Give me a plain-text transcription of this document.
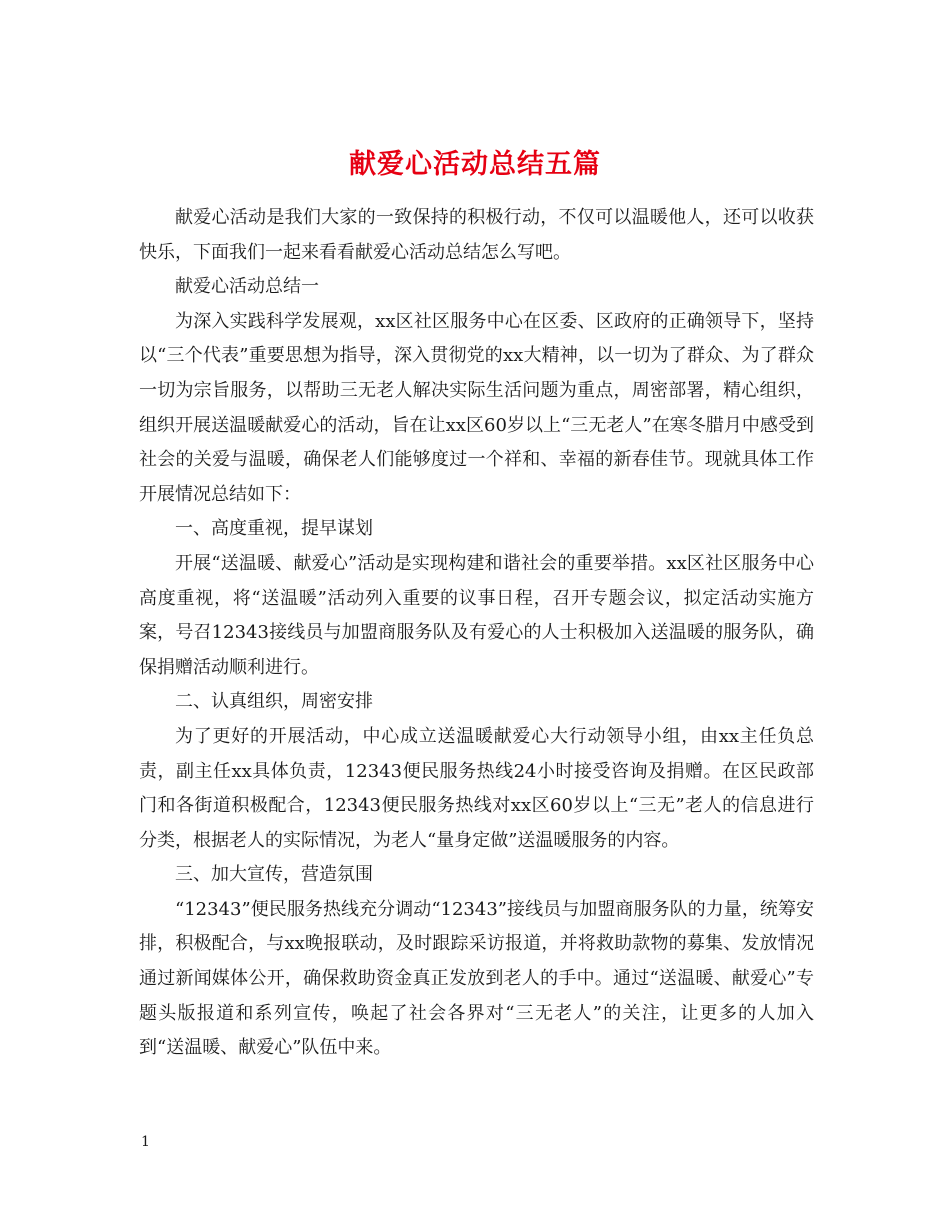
献爱心活动总结五篇

献爱心活动是我们大家的一致保持的积极行动，不仅可以温暖他人，还可以收获快乐，下面我们一起来看看献爱心活动总结怎么写吧。

献爱心活动总结一

为深入实践科学发展观，xx区社区服务中心在区委、区政府的正确领导下，坚持以“三个代表”重要思想为指导，深入贯彻党的xx大精神，以一切为了群众、为了群众一切为宗旨服务，以帮助三无老人解决实际生活问题为重点，周密部署，精心组织，组织开展送温暖献爱心的活动，旨在让xx区60岁以上“三无老人”在寒冬腊月中感受到社会的关爱与温暖，确保老人们能够度过一个祥和、幸福的新春佳节。现就具体工作开展情况总结如下：

一、高度重视，提早谋划

开展“送温暖、献爱心”活动是实现构建和谐社会的重要举措。xx区社区服务中心高度重视，将“送温暖”活动列入重要的议事日程，召开专题会议，拟定活动实施方案，号召12343接线员与加盟商服务队及有爱心的人士积极加入送温暖的服务队，确保捐赠活动顺利进行。

二、认真组织，周密安排

为了更好的开展活动，中心成立送温暖献爱心大行动领导小组，由xx主任负总责，副主任xx具体负责，12343便民服务热线24小时接受咨询及捐赠。在区民政部门和各街道积极配合，12343便民服务热线对xx区60岁以上“三无”老人的信息进行分类，根据老人的实际情况，为老人“量身定做”送温暖服务的内容。

三、加大宣传，营造氛围

“12343”便民服务热线充分调动“12343”接线员与加盟商服务队的力量，统筹安排，积极配合，与xx晚报联动，及时跟踪采访报道，并将救助款物的募集、发放情况通过新闻媒体公开，确保救助资金真正发放到老人的手中。通过“送温暖、献爱心”专题头版报道和系列宣传，唤起了社会各界对“三无老人”的关注，让更多的人加入到“送温暖、献爱心”队伍中来。

1
